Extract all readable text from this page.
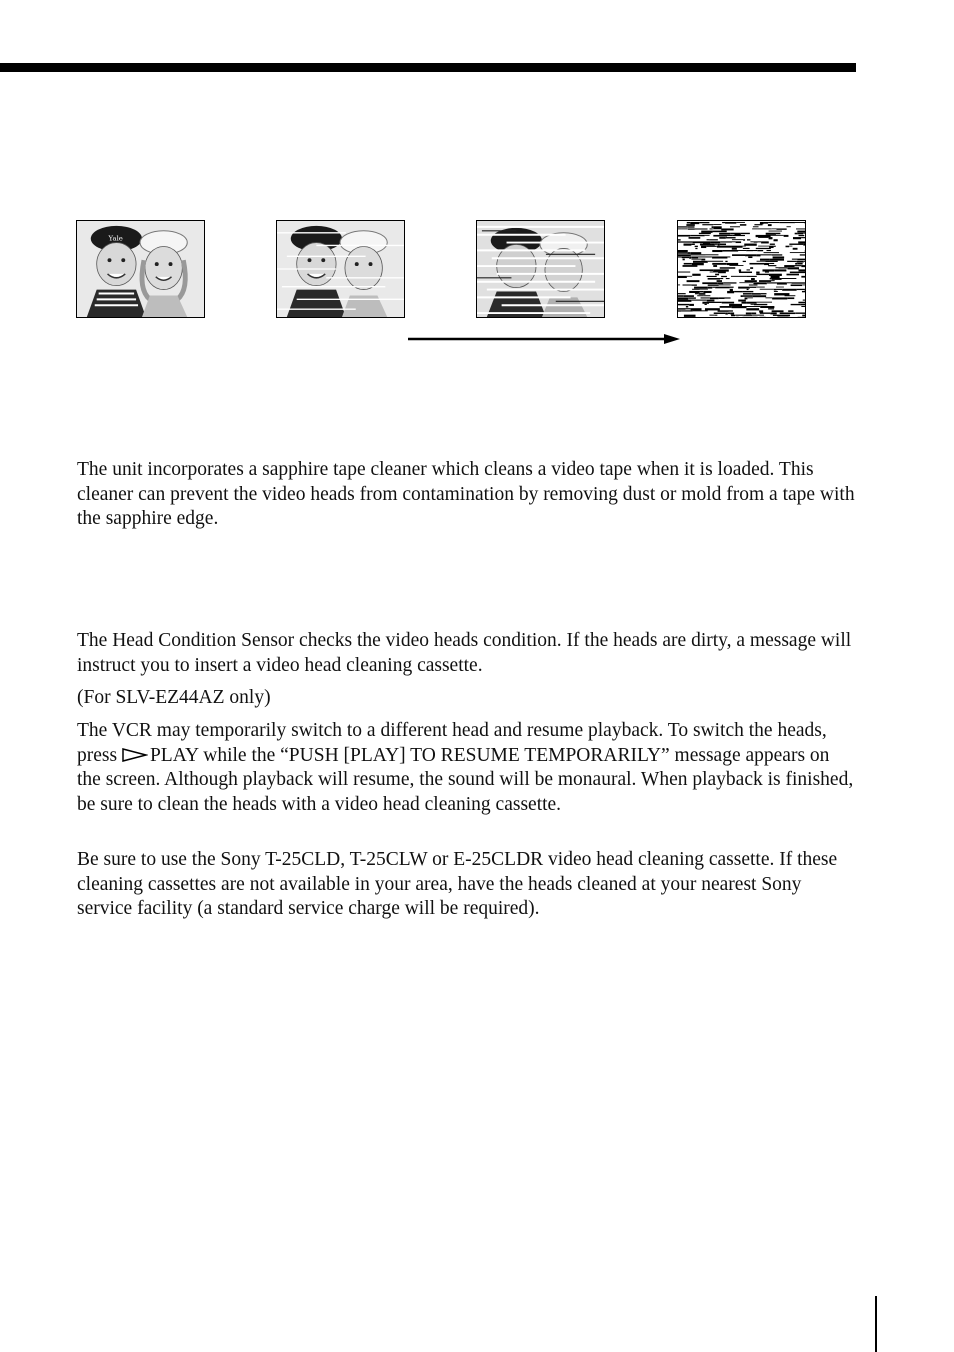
Yale

The unit incorporates a sapphire tape cleaner which cleans a video tape when it is loaded. This cleaner can prevent the video heads from contamination by removing dust or mold from a tape with the sapphire edge.

The Head Condition Sensor checks the video heads condition. If the heads are dirty, a message will instruct you to insert a video head cleaning cassette.

(For SLV-EZ44AZ only)

The VCR may temporarily switch to a different head and resume playback. To switch the heads, press PLAY while the “PUSH [PLAY] TO RESUME TEMPORARILY” message appears on the screen. Although playback will resume, the sound will be monaural. When playback is finished, be sure to clean the heads with a video head cleaning cassette.

Be sure to use the Sony T-25CLD, T-25CLW or E-25CLDR video head cleaning cassette. If these cleaning cassettes are not available in your area, have the heads cleaned at your nearest Sony service facility (a standard service charge will be required).
